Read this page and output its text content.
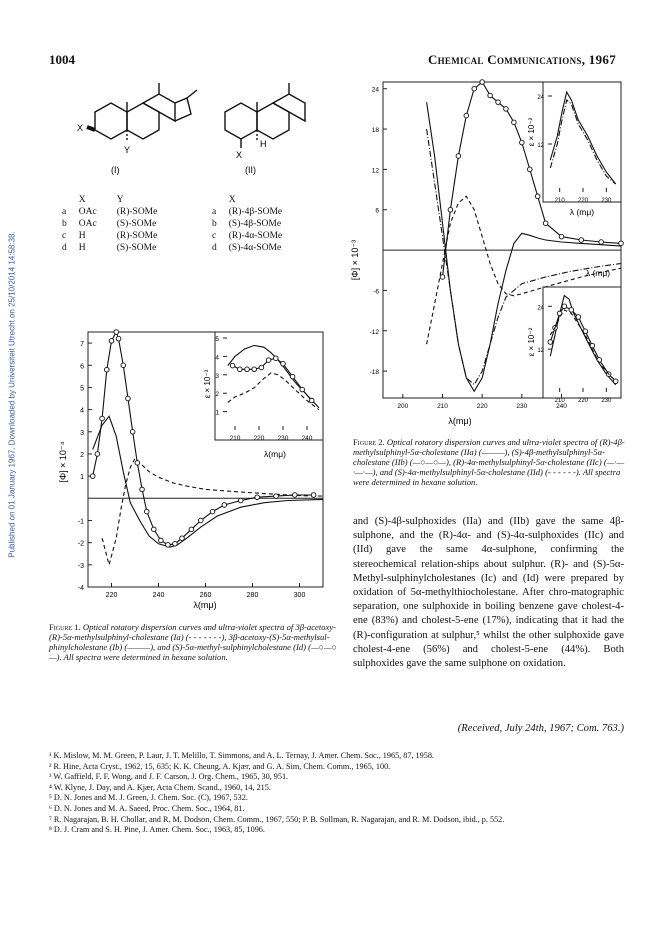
1004	Chemical Communications, 1967
Published on 01 January 1967. Downloaded by Universiteit Utrecht on 25/10/2014 14:58:38.
X
Y
(I)
X
H
(II)
	X	Y
a	OAc	(R)-SOMe
b	OAc	(S)-SOMe
c	H	(R)-SOMe
d	H	(S)-SOMe
	X
a	(R)-4β-SOMe
b	(S)-4β-SOMe
c	(R)-4α-SOMe
d	(S)-4α-SOMe
220	240	260	280	300
7
6
5
4
3
2
1
-1
-2
-3
-4
210 220 230 240
1
2
3
4
5
[Φ] × 10⁻⁴
ε × 10⁻³
λ(mμ)
λ(mμ)
Figure 1. Optical rotatory dispersion curves and ultra-violet spectra of 3β-acetoxy-(R)-5α-methylsulphinyl-cholestane (Ia) (- - - - - - -), 3β-acetoxy-(S)-5α-methylsul-phinylcholestane (Ib) (———), and (S)-5α-methyl-sulphinylcholestane (Id) (—○—○—). All spectra were determined in hexane solution.
200	210	220	230	240
24
18
12
6
-6
-12
-18
210 220 230
12
24
210 220 230
12
24
[Φ] × 10⁻³
ε × 10⁻²
ε × 10⁻²
λ(mμ)
λ (mμ)
λ (mμ)
Figure 2. Optical rotatory dispersion curves and ultra-violet spectra of (R)-4β-methylsulphinyl-5α-cholestane (IIa) (———), (S)-4β-methylsulphinyl-5α-cholestane (IIb) (—○—○—), (R)-4α-methylsulphinyl-5α-cholestane (IIc) (—·—·—·—), and (S)-4α-methylsulphinyl-5α-cholestane (IId) (- - - - - -). All spectra were determined in hexane solution.
and (S)-4β-sulphoxides (IIa) and (IIb) gave the same 4β-sulphone, and the (R)-4α- and (S)-4α-sulphoxides (IIc) and (IId) gave the same 4α-sulphone, confirming the stereochemical relation-ships about sulphur. (R)- and (S)-5α-Methyl-sulphinylcholestanes (Ic) and (Id) were prepared by oxidation of 5α-methylthiocholestane. After chro-matographic separation, one sulphoxide in boiling benzene gave cholest-4-ene (83%) and cholest-5-ene (17%), indicating that it had the (R)-configuration at sulphur,⁵ whilst the other sulphoxide gave cholest-4-ene (56%) and cholest-5-ene (44%). Both sulphoxides gave the same sulphone on oxidation.
(Received, July 24th, 1967; Com. 763.)
¹ K. Mislow, M. M. Green, P. Laur, J. T. Melillo, T. Simmons, and A. L. Ternay, J. Amer. Chem. Soc., 1965, 87, 1958.
² R. Hine, Acta Cryst., 1962, 15, 635; K. K. Cheung, A. Kjær, and G. A. Sim, Chem. Comm., 1965, 100.
³ W. Gaffield, F. F. Wong, and J. F. Carson, J. Org. Chem., 1965, 30, 951.
⁴ W. Klyne, J. Day, and A. Kjær, Acta Chem. Scand., 1960, 14, 215.
⁵ D. N. Jones and M. J. Green, J. Chem. Soc. (C), 1967, 532.
⁶ D. N. Jones and M. A. Saeed, Proc. Chem. Soc., 1964, 81.
⁷ R. Nagarajan, B. H. Chollar, and R. M. Dodson, Chem. Comm., 1967, 550; P. B. Sollman, R. Nagarajan, and R. M. Dodson, ibid., p. 552.
⁸ D. J. Cram and S. H. Pine, J. Amer. Chem. Soc., 1963, 85, 1096.
